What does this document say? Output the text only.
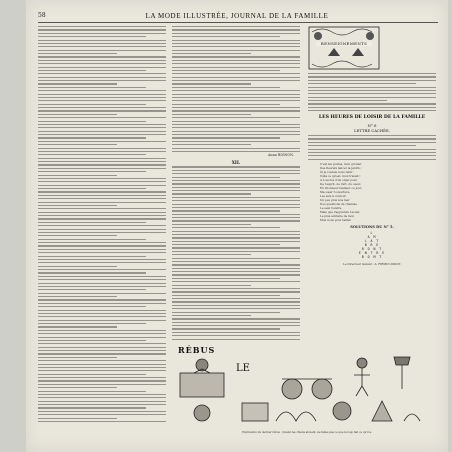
58	LA MODE ILLUSTRÉE, JOURNAL DE LA FAMILLE
Anna BIGNON.
XII.
RENSEIGNEMENTS
LES HEURES DE LOISIR DE LA FAMILLE
N° 6
LETTRE CACHÉE.
C'est les poëtes, mon gronier
Des fleurets lancer la jardin ;
Si je voulais nous tenir :
Voilà ce qu'est, mon travail !
A Louvres d'un objet pour,
De l'esprit, de l'art, du cœur,
En l'honneur réaliser, ce jour,
Ma sœur l'ouverture,
Les suis à contour
Un peu plus à la mer
Nos questions de chemise
Le seul Cendre
Mais que l'apprends Lucien,
Le plus solitaire de mon
Mon nous pour tailler.
SOLUTIONS DU N° 5.
L
A M
L A T
B R E
R O N T
E N T R E
B O M T
Le Directeur Gérant : A. FIRMIN-DIDOT.
RÉBUS
LE
Explication du dernier rébus : Quand les chiens aboient, ne faites pas ce que le loup fait ce qu'il a.
